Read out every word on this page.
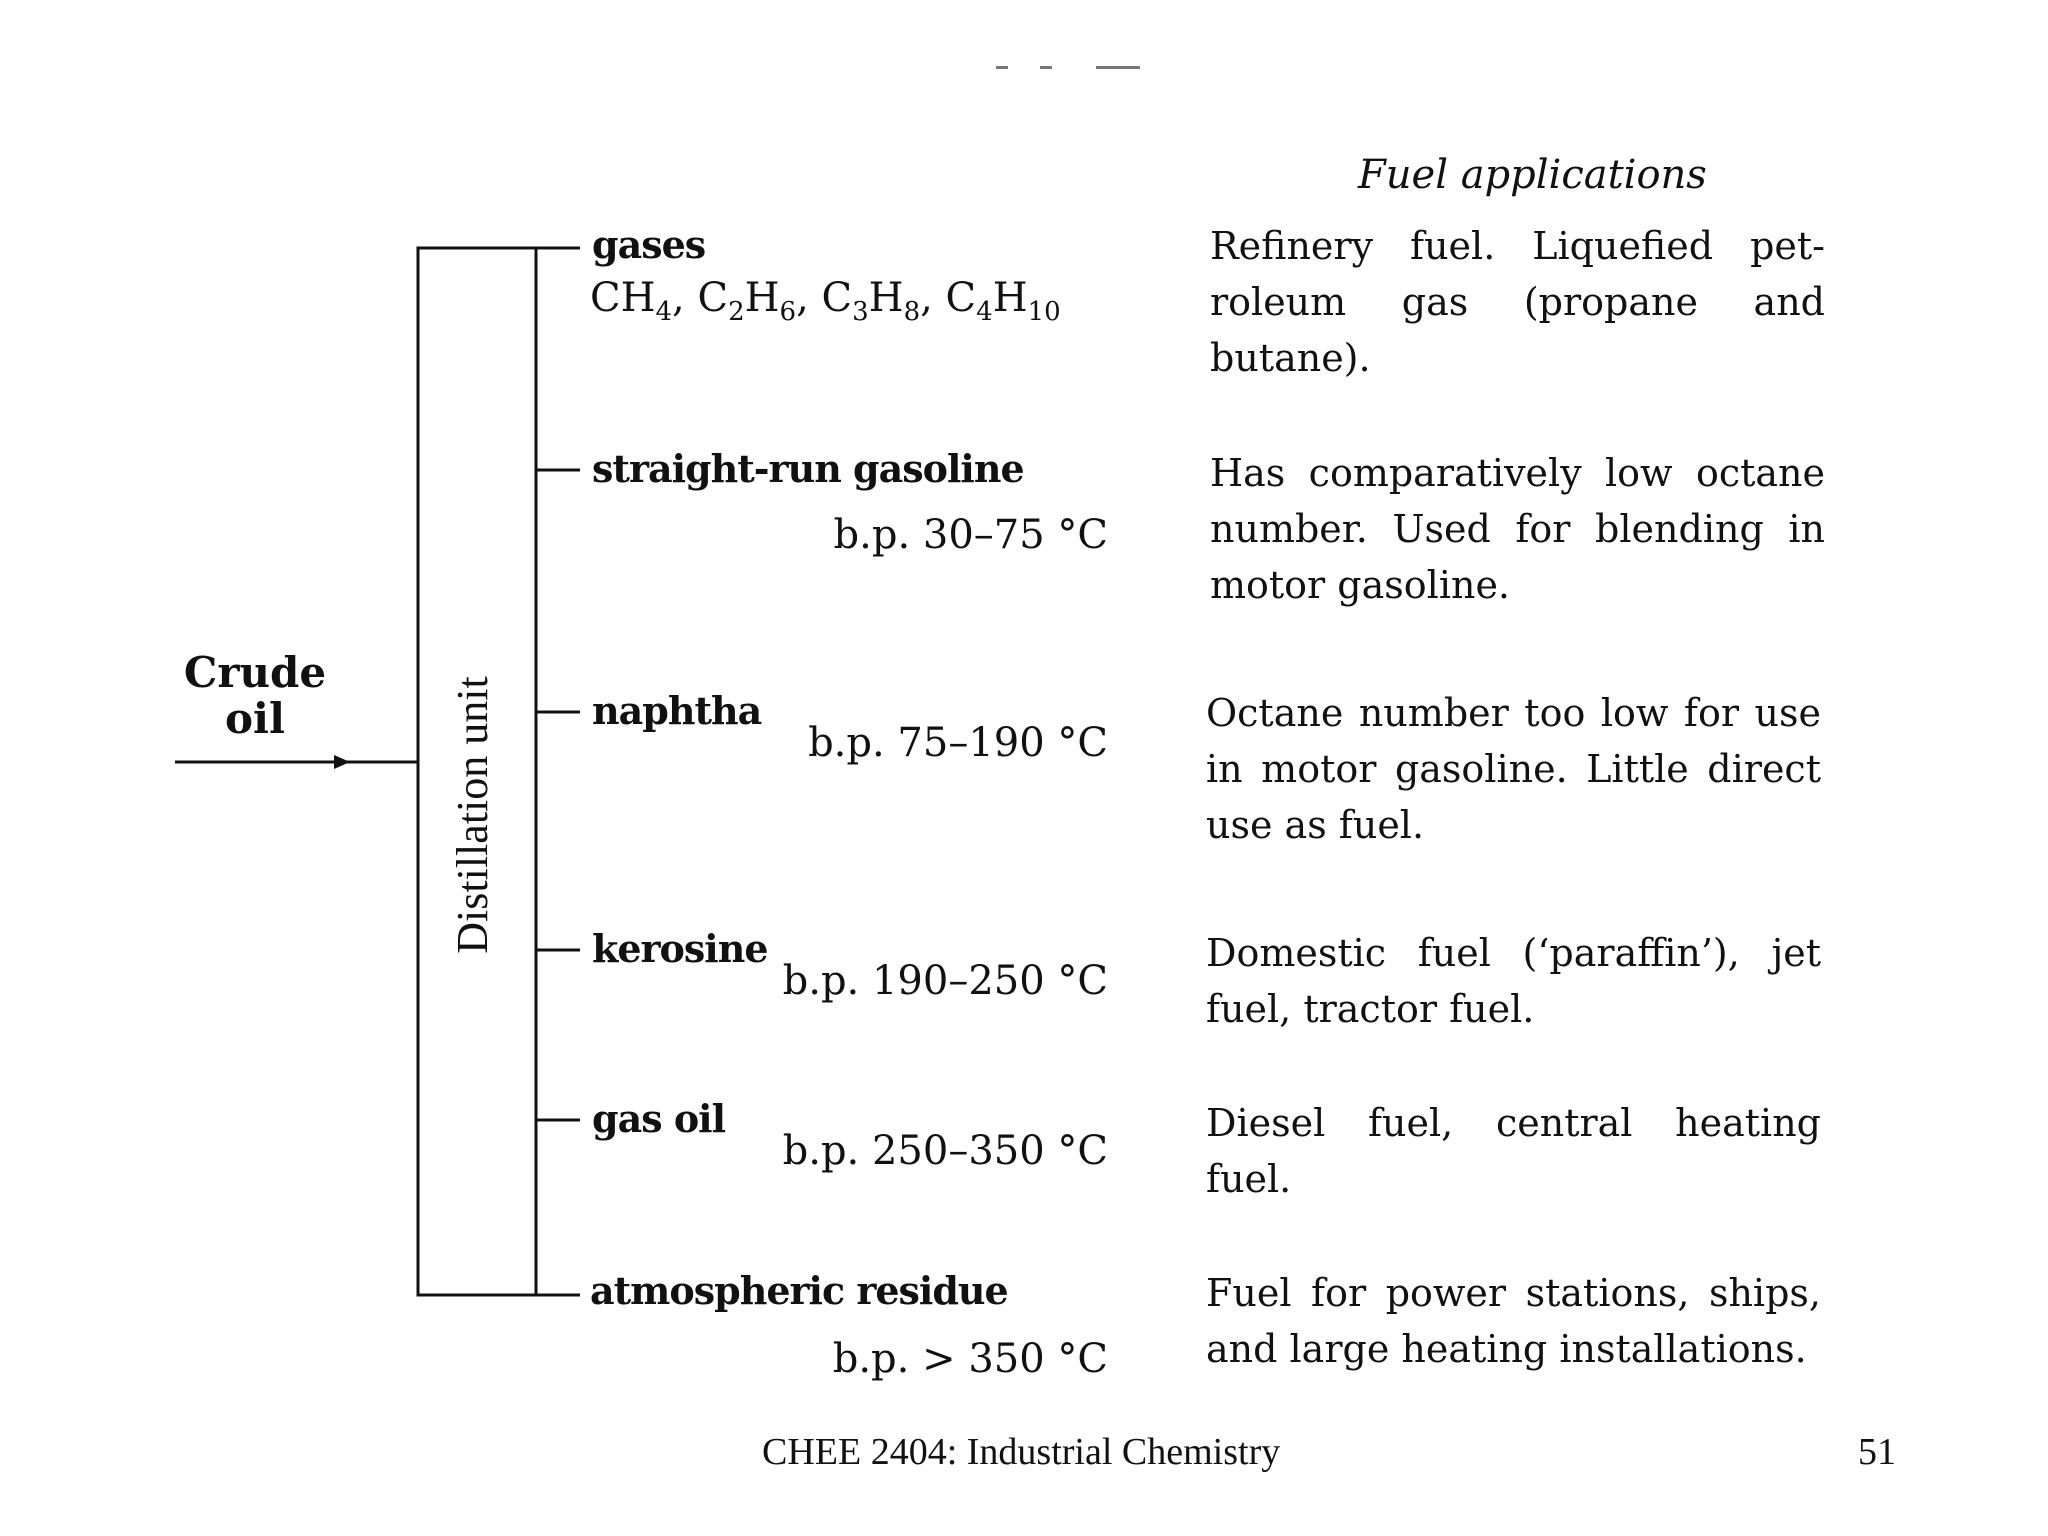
Crude
oil	Distillation unit
Fuel applications
gases
$CH_4$, $C_2H_6$, $C_3H_8$, $C_4H_{10}$
Refinery fuel. Liquefied pet-roleum gas (propane and butane).
straight-run gasoline
b.p. 30–75 °C
Has comparatively low octane number. Used for blending in motor gasoline.
naphtha
b.p. 75–190 °C
Octane number too low for use in motor gasoline. Little direct use as fuel.
kerosine
b.p. 190–250 °C
Domestic fuel (‘paraffin’), jet fuel, tractor fuel.
gas oil
b.p. 250–350 °C
Diesel fuel, central heating fuel.
atmospheric residue
b.p. > 350 °C
Fuel for power stations, ships, and large heating installations.
CHEE 2404: Industrial Chemistry	51
